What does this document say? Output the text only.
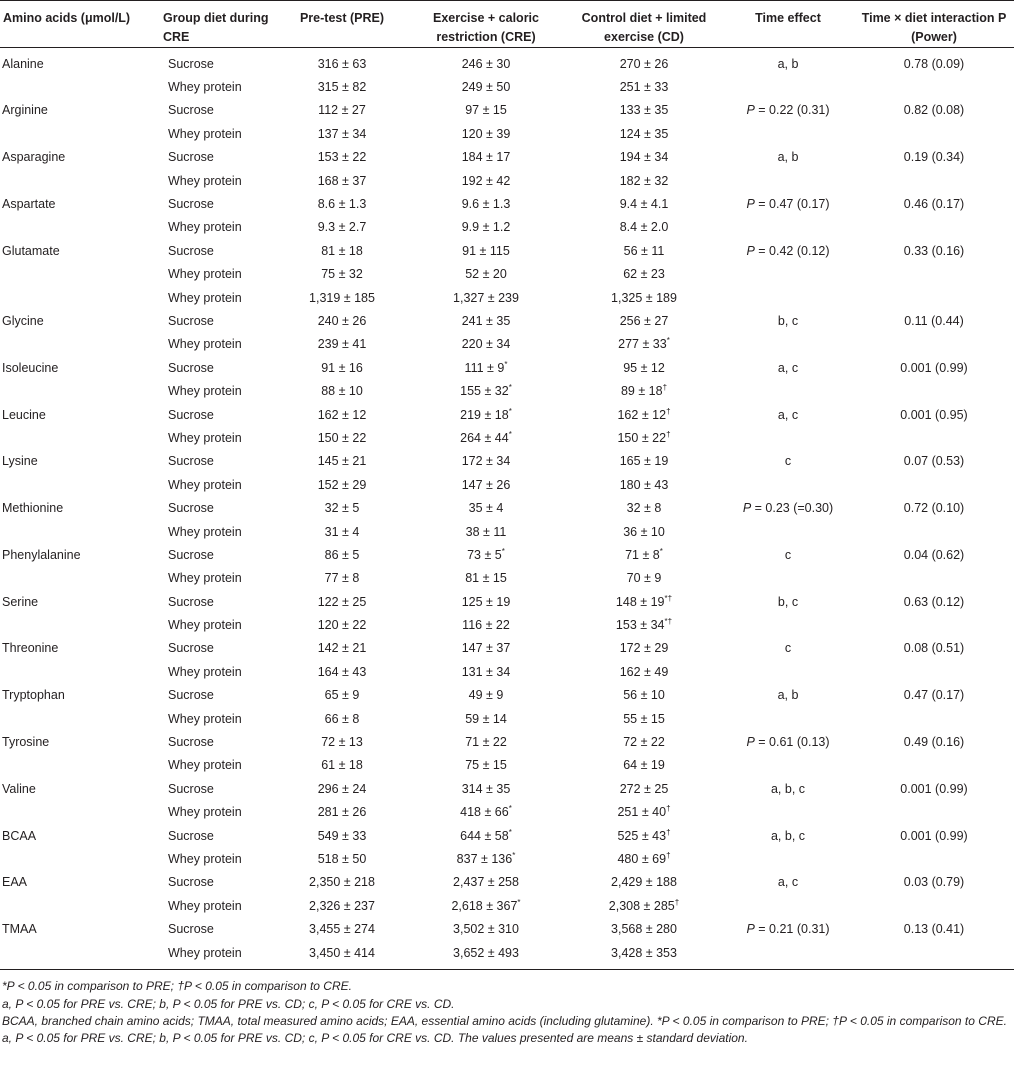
Amino acids (μmol/L)	Group diet during CRE	Pre-test (PRE)	Exercise + caloric restriction (CRE)	Control diet + limited exercise (CD)	Time effect	Time × diet interaction P (Power)
Alanine	Sucrose	316 ± 63	246 ± 30	270 ± 26	a, b	0.78 (0.09)
	Whey protein	315 ± 82	249 ± 50	251 ± 33		
Arginine	Sucrose	112 ± 27	97 ± 15	133 ± 35	P = 0.22 (0.31)	0.82 (0.08)
	Whey protein	137 ± 34	120 ± 39	124 ± 35		
Asparagine	Sucrose	153 ± 22	184 ± 17	194 ± 34	a, b	0.19 (0.34)
	Whey protein	168 ± 37	192 ± 42	182 ± 32		
Aspartate	Sucrose	8.6 ± 1.3	9.6 ± 1.3	9.4 ± 4.1	P = 0.47 (0.17)	0.46 (0.17)
	Whey protein	9.3 ± 2.7	9.9 ± 1.2	8.4 ± 2.0		
Glutamate	Sucrose	81 ± 18	91 ± 115	56 ± 11	P = 0.42 (0.12)	0.33 (0.16)
	Whey protein	75 ± 32	52 ± 20	62 ± 23		
	Whey protein	1,319 ± 185	1,327 ± 239	1,325 ± 189		
Glycine	Sucrose	240 ± 26	241 ± 35	256 ± 27	b, c	0.11 (0.44)
	Whey protein	239 ± 41	220 ± 34	277 ± 33*		
Isoleucine	Sucrose	91 ± 16	111 ± 9*	95 ± 12	a, c	0.001 (0.99)
	Whey protein	88 ± 10	155 ± 32*	89 ± 18†		
Leucine	Sucrose	162 ± 12	219 ± 18*	162 ± 12†	a, c	0.001 (0.95)
	Whey protein	150 ± 22	264 ± 44*	150 ± 22†		
Lysine	Sucrose	145 ± 21	172 ± 34	165 ± 19	c	0.07 (0.53)
	Whey protein	152 ± 29	147 ± 26	180 ± 43		
Methionine	Sucrose	32 ± 5	35 ± 4	32 ± 8	P = 0.23 (=0.30)	0.72 (0.10)
	Whey protein	31 ± 4	38 ± 11	36 ± 10		
Phenylalanine	Sucrose	86 ± 5	73 ± 5*	71 ± 8*	c	0.04 (0.62)
	Whey protein	77 ± 8	81 ± 15	70 ± 9		
Serine	Sucrose	122 ± 25	125 ± 19	148 ± 19*†	b, c	0.63 (0.12)
	Whey protein	120 ± 22	116 ± 22	153 ± 34*†		
Threonine	Sucrose	142 ± 21	147 ± 37	172 ± 29	c	0.08 (0.51)
	Whey protein	164 ± 43	131 ± 34	162 ± 49		
Tryptophan	Sucrose	65 ± 9	49 ± 9	56 ± 10	a, b	0.47 (0.17)
	Whey protein	66 ± 8	59 ± 14	55 ± 15		
Tyrosine	Sucrose	72 ± 13	71 ± 22	72 ± 22	P = 0.61 (0.13)	0.49 (0.16)
	Whey protein	61 ± 18	75 ± 15	64 ± 19		
Valine	Sucrose	296 ± 24	314 ± 35	272 ± 25	a, b, c	0.001 (0.99)
	Whey protein	281 ± 26	418 ± 66*	251 ± 40†		
BCAA	Sucrose	549 ± 33	644 ± 58*	525 ± 43†	a, b, c	0.001 (0.99)
	Whey protein	518 ± 50	837 ± 136*	480 ± 69†		
EAA	Sucrose	2,350 ± 218	2,437 ± 258	2,429 ± 188	a, c	0.03 (0.79)
	Whey protein	2,326 ± 237	2,618 ± 367*	2,308 ± 285†		
TMAA	Sucrose	3,455 ± 274	3,502 ± 310	3,568 ± 280	P = 0.21 (0.31)	0.13 (0.41)
	Whey protein	3,450 ± 414	3,652 ± 493	3,428 ± 353		
*P < 0.05 in comparison to PRE; †P < 0.05 in comparison to CRE.
a, P < 0.05 for PRE vs. CRE; b, P < 0.05 for PRE vs. CD; c, P < 0.05 for CRE vs. CD.
BCAA, branched chain amino acids; TMAA, total measured amino acids; EAA, essential amino acids (including glutamine). *P < 0.05 in comparison to PRE; †P < 0.05 in comparison to CRE. a, P < 0.05 for PRE vs. CRE; b, P < 0.05 for PRE vs. CD; c, P < 0.05 for CRE vs. CD. The values presented are means ± standard deviation.
